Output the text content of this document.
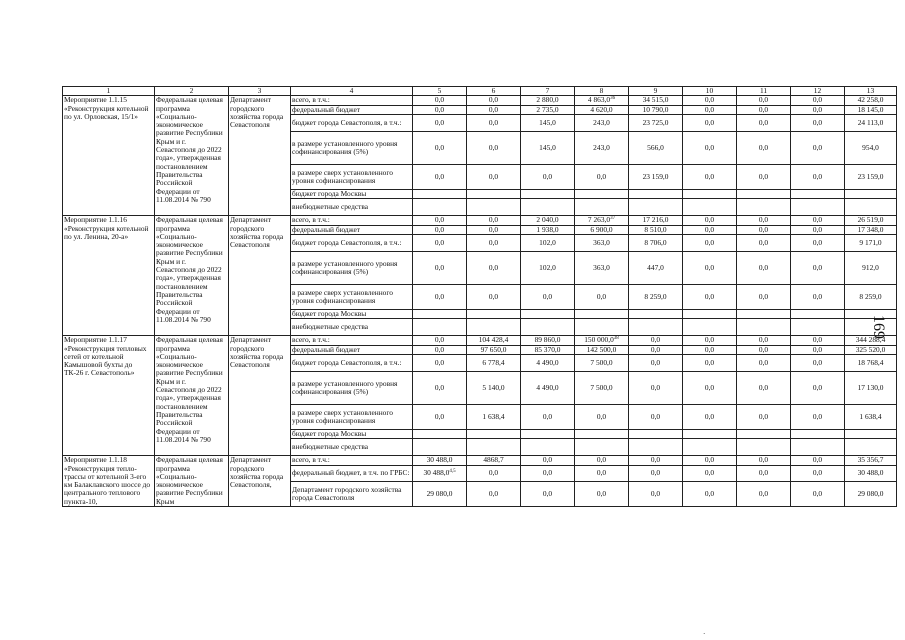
1	2	3	4	5	6	7	8	9	10	11	12	13
Мероприятие 1.1.15 «Реконструкция котельной по ул. Орловская, 15/1»	Федеральная целевая программа «Социально-экономическое развитие Республики Крым и г. Севастополя до 2022 года», утвержденная постановлением Правительства Российской Федерации от 11.08.2014 № 790	Департамент городского хозяйства города Севастополя	всего, в т.ч.:	0,0	0,0	2 880,0	4 863,0$^{36}$	34 515,0	0,0	0,0	0,0	42 258,0
			федеральный бюджет	0,0	0,0	2 735,0	4 620,0	10 790,0	0,0	0,0	0,0	18 145,0
			бюджет города Севастополя, в т.ч.:	0,0	0,0	145,0	243,0	23 725,0	0,0	0,0	0,0	24 113,0
			в размере установленного уровня софинансирования (5%)	0,0	0,0	145,0	243,0	566,0	0,0	0,0	0,0	954,0
			в размере сверх установленного уровня софинансирования	0,0	0,0	0,0	0,0	23 159,0	0,0	0,0	0,0	23 159,0
			бюджет города Москвы									
			внебюджетные средства									
Мероприятие 1.1.16 «Реконструкция котельной по ул. Ленина, 20-а»	Федеральная целевая программа «Социально-экономическое развитие Республики Крым и г. Севастополя до 2022 года», утвержденная постановлением Правительства Российской Федерации от 11.08.2014 № 790	Департамент городского хозяйства города Севастополя	всего, в т.ч.:	0,0	0,0	2 040,0	7 263,0$^{37}$	17 216,0	0,0	0,0	0,0	26 519,0
			федеральный бюджет	0,0	0,0	1 938,0	6 900,0	8 510,0	0,0	0,0	0,0	17 348,0
			бюджет города Севастополя, в т.ч.:	0,0	0,0	102,0	363,0	8 706,0	0,0	0,0	0,0	9 171,0
			в размере установленного уровня софинансирования (5%)	0,0	0,0	102,0	363,0	447,0	0,0	0,0	0,0	912,0
			в размере сверх установленного уровня софинансирования	0,0	0,0	0,0	0,0	8 259,0	0,0	0,0	0,0	8 259,0
			бюджет города Москвы									
			внебюджетные средства									
Мероприятие 1.1.17 «Реконструкция тепловых сетей от котельной Камышовой бухты до ТК-26 г. Севастополь»	Федеральная целевая программа «Социально-экономическое развитие Республики Крым и г. Севастополя до 2022 года», утвержденная постановлением Правительства Российской Федерации от 11.08.2014 № 790	Департамент городского хозяйства города Севастополя	всего, в т.ч.:	0,0	104 428,4	89 860,0	150 000,0$^{38}$	0,0	0,0	0,0	0,0	344 288,4
			федеральный бюджет	0,0	97 650,0	85 370,0	142 500,0	0,0	0,0	0,0	0,0	325 520,0
			бюджет города Севастополя, в т.ч.:	0,0	6 778,4	4 490,0	7 500,0	0,0	0,0	0,0	0,0	18 768,4
			в размере установленного уровня софинансирования (5%)	0,0	5 140,0	4 490,0	7 500,0	0,0	0,0	0,0	0,0	17 130,0
			в размере сверх установленного уровня софинансирования	0,0	1 638,4	0,0	0,0	0,0	0,0	0,0	0,0	1 638,4
			бюджет города Москвы									
			внебюджетные средства									
Мероприятие 1.1.18 «Реконструкция тепло-трассы от котельной 3-его км Балаклавского шоссе до центрального теплового пункта-10,	Федеральная целевая программа «Социально-экономическое развитие Республики Крым	Департамент городского хозяйства города Севастополя,	всего, в т.ч.:	30 488,0	4868,7	0,0	0,0	0,0	0,0	0,0	0,0	35 356,7
			федеральный бюджет, в т.ч. по ГРБС:	30 488,0$^{4,5}$	0,0	0,0	0,0	0,0	0,0	0,0	0,0	30 488,0
			Департамент городского хозяйства города Севастополя	29 080,0	0,0	0,0	0,0	0,0	0,0	0,0	0,0	29 080,0
169
·
